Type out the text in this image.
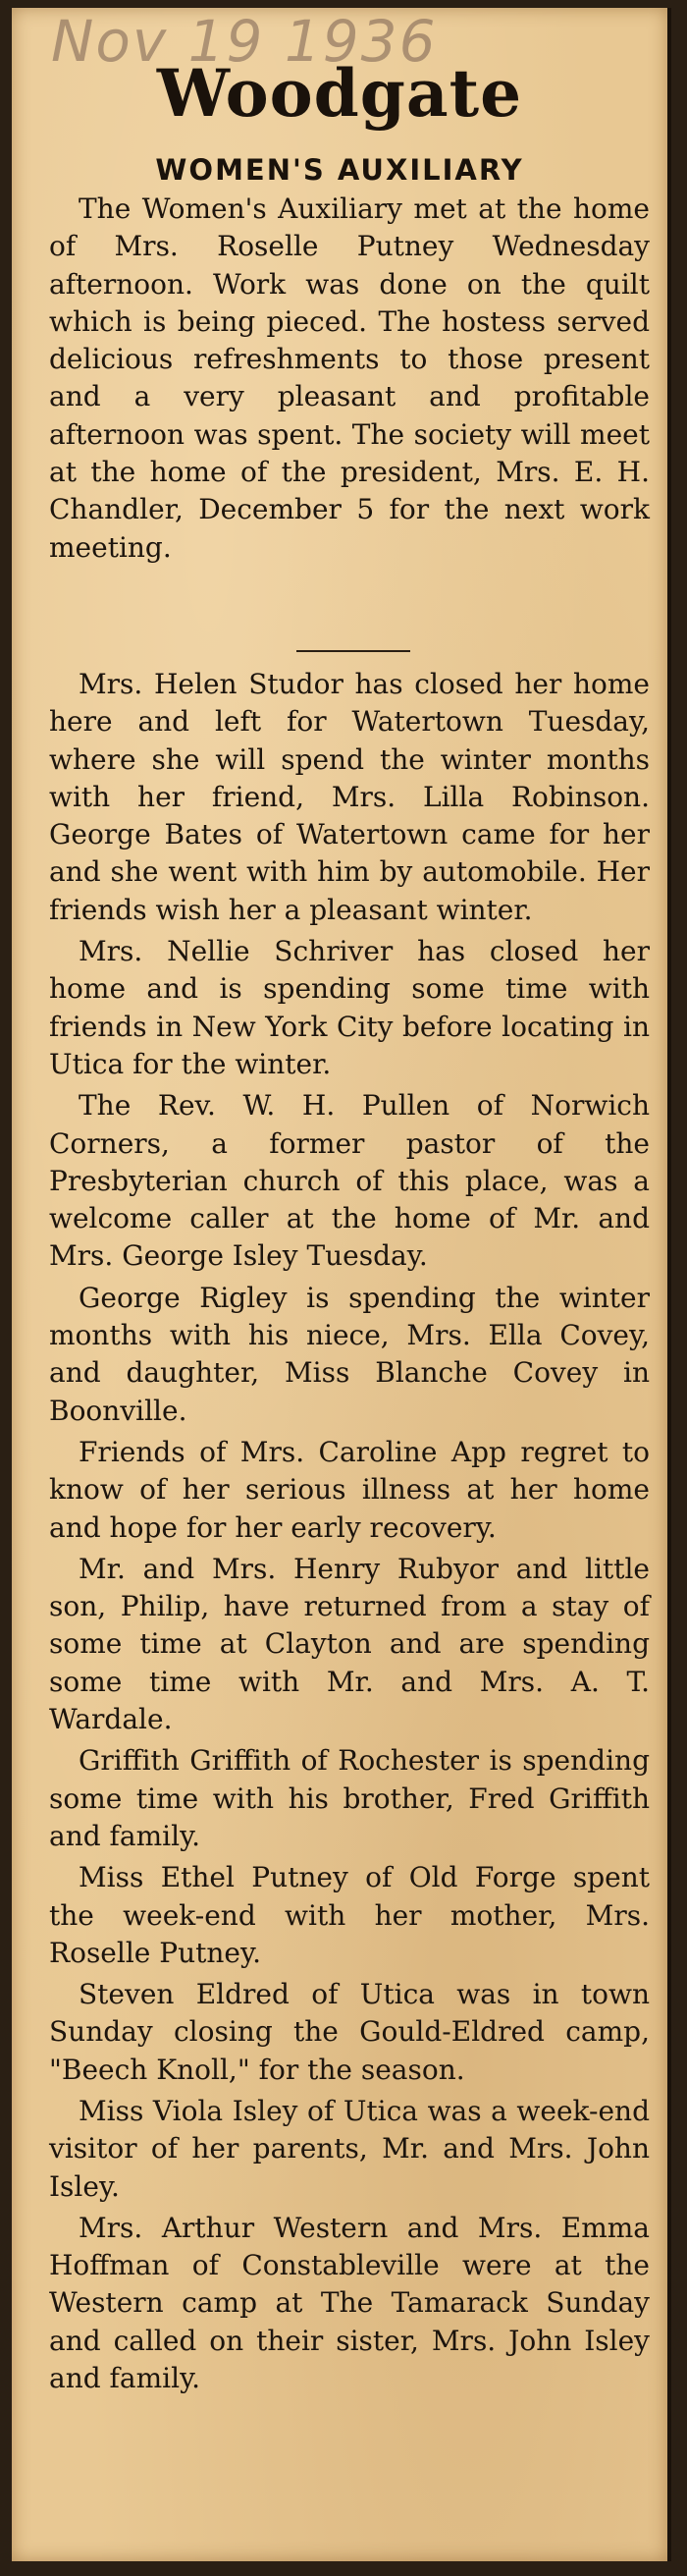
Nov 19 1936
Woodgate
WOMEN'S AUXILIARY

The Women's Auxiliary met at the home of Mrs. Roselle Putney Wednesday afternoon. Work was done on the quilt which is being pieced. The hostess served delicious refreshments to those present and a very pleasant and profitable afternoon was spent. The society will meet at the home of the president, Mrs. E. H. Chandler, December 5 for the next work meeting.

Mrs. Helen Studor has closed her home here and left for Watertown Tuesday, where she will spend the winter months with her friend, Mrs. Lilla Robinson. George Bates of Watertown came for her and she went with him by automobile. Her friends wish her a pleasant winter.

Mrs. Nellie Schriver has closed her home and is spending some time with friends in New York City before locating in Utica for the winter.

The Rev. W. H. Pullen of Norwich Corners, a former pastor of the Presbyterian church of this place, was a welcome caller at the home of Mr. and Mrs. George Isley Tuesday.

George Rigley is spending the winter months with his niece, Mrs. Ella Covey, and daughter, Miss Blanche Covey in Boonville.

Friends of Mrs. Caroline App regret to know of her serious illness at her home and hope for her early recovery.

Mr. and Mrs. Henry Rubyor and little son, Philip, have returned from a stay of some time at Clayton and are spending some time with Mr. and Mrs. A. T. Wardale.

Griffith Griffith of Rochester is spending some time with his brother, Fred Griffith and family.

Miss Ethel Putney of Old Forge spent the week-end with her mother, Mrs. Roselle Putney.

Steven Eldred of Utica was in town Sunday closing the Gould-Eldred camp, "Beech Knoll," for the season.

Miss Viola Isley of Utica was a week-end visitor of her parents, Mr. and Mrs. John Isley.

Mrs. Arthur Western and Mrs. Emma Hoffman of Constableville were at the Western camp at The Tamarack Sunday and called on their sister, Mrs. John Isley and family.
